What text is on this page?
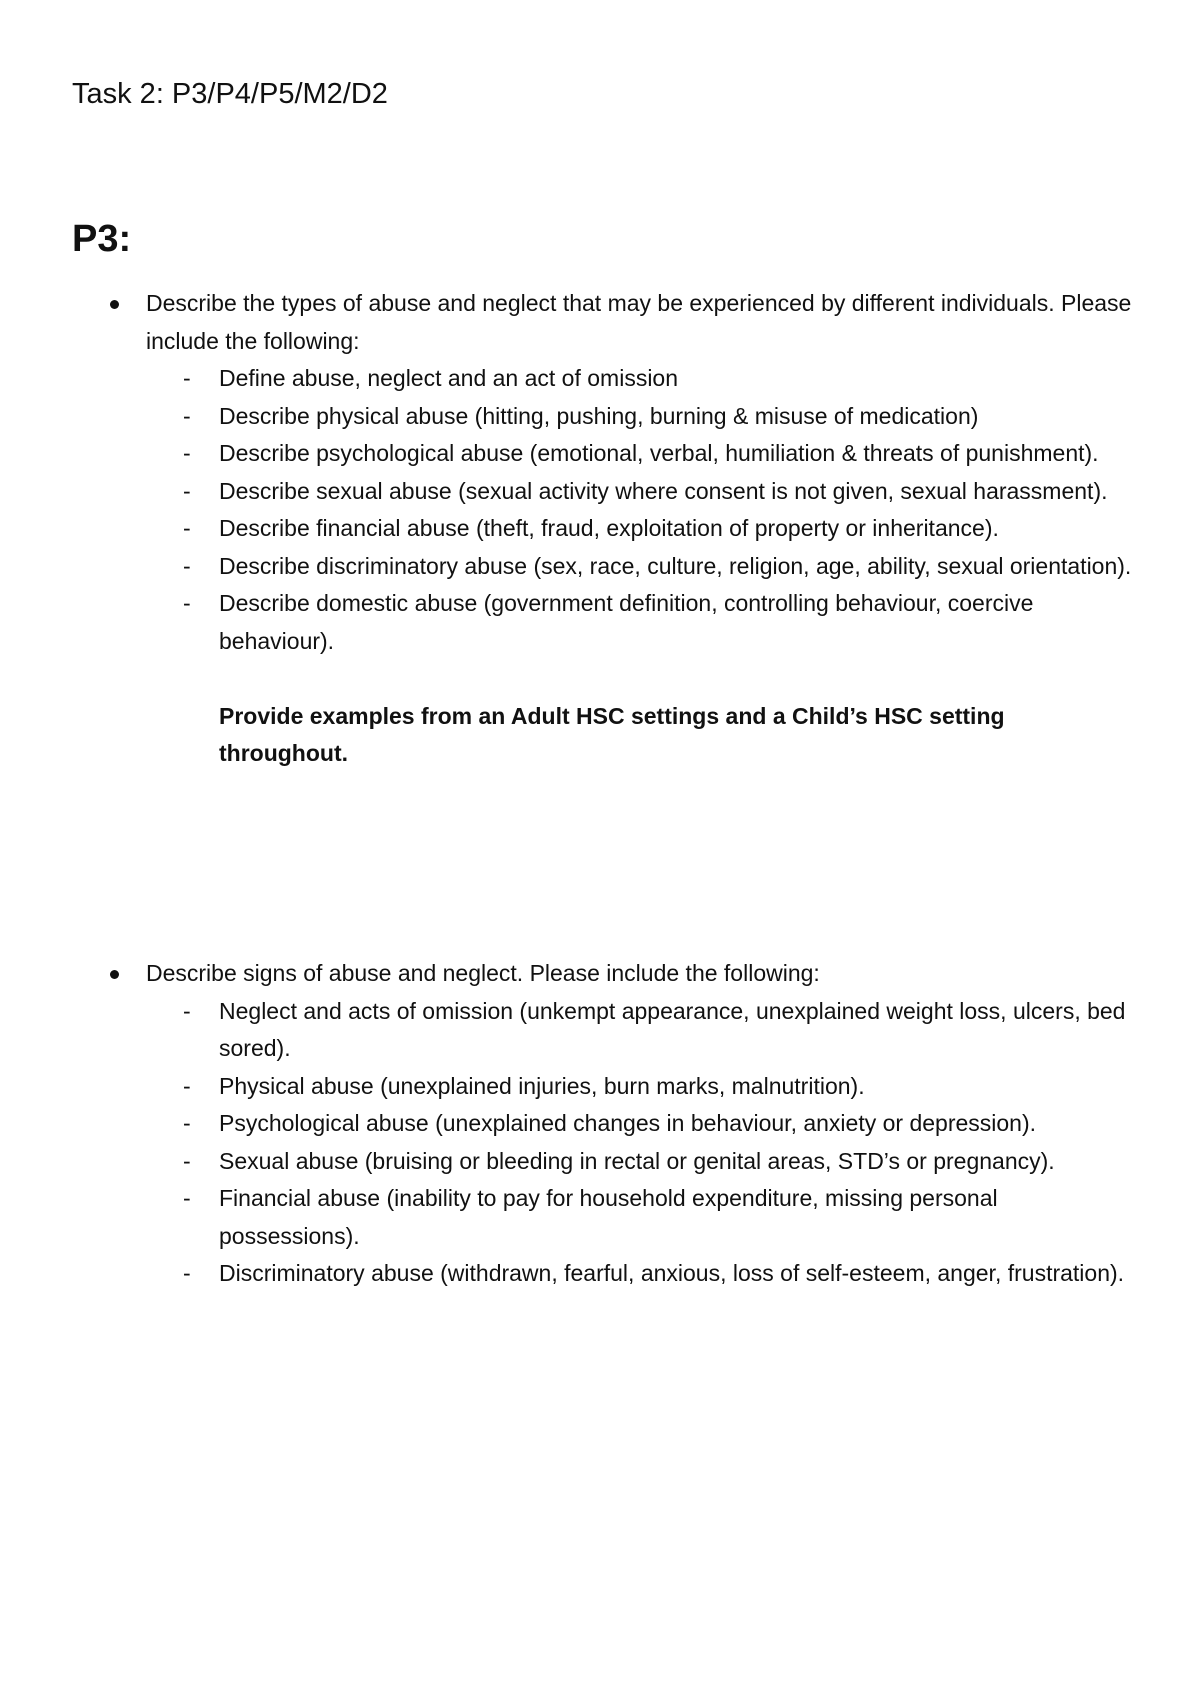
Task 2: P3/P4/P5/M2/D2
P3:
Describe the types of abuse and neglect that may be experienced by different individuals. Please include the following:
- Define abuse, neglect and an act of omission
- Describe physical abuse (hitting, pushing, burning & misuse of medication)
- Describe psychological abuse (emotional, verbal, humiliation & threats of punishment).
- Describe sexual abuse (sexual activity where consent is not given, sexual harassment).
- Describe financial abuse (theft, fraud, exploitation of property or inheritance).
- Describe discriminatory abuse (sex, race, culture, religion, age, ability, sexual orientation).
- Describe domestic abuse (government definition, controlling behaviour, coercive behaviour).
Provide examples from an Adult HSC settings and a Child’s HSC setting throughout.
Describe signs of abuse and neglect. Please include the following:
- Neglect and acts of omission (unkempt appearance, unexplained weight loss, ulcers, bed sored).
- Physical abuse (unexplained injuries, burn marks, malnutrition).
- Psychological abuse (unexplained changes in behaviour, anxiety or depression).
- Sexual abuse (bruising or bleeding in rectal or genital areas, STD’s or pregnancy).
- Financial abuse (inability to pay for household expenditure, missing personal possessions).
- Discriminatory abuse (withdrawn, fearful, anxious, loss of self-esteem, anger, frustration).
